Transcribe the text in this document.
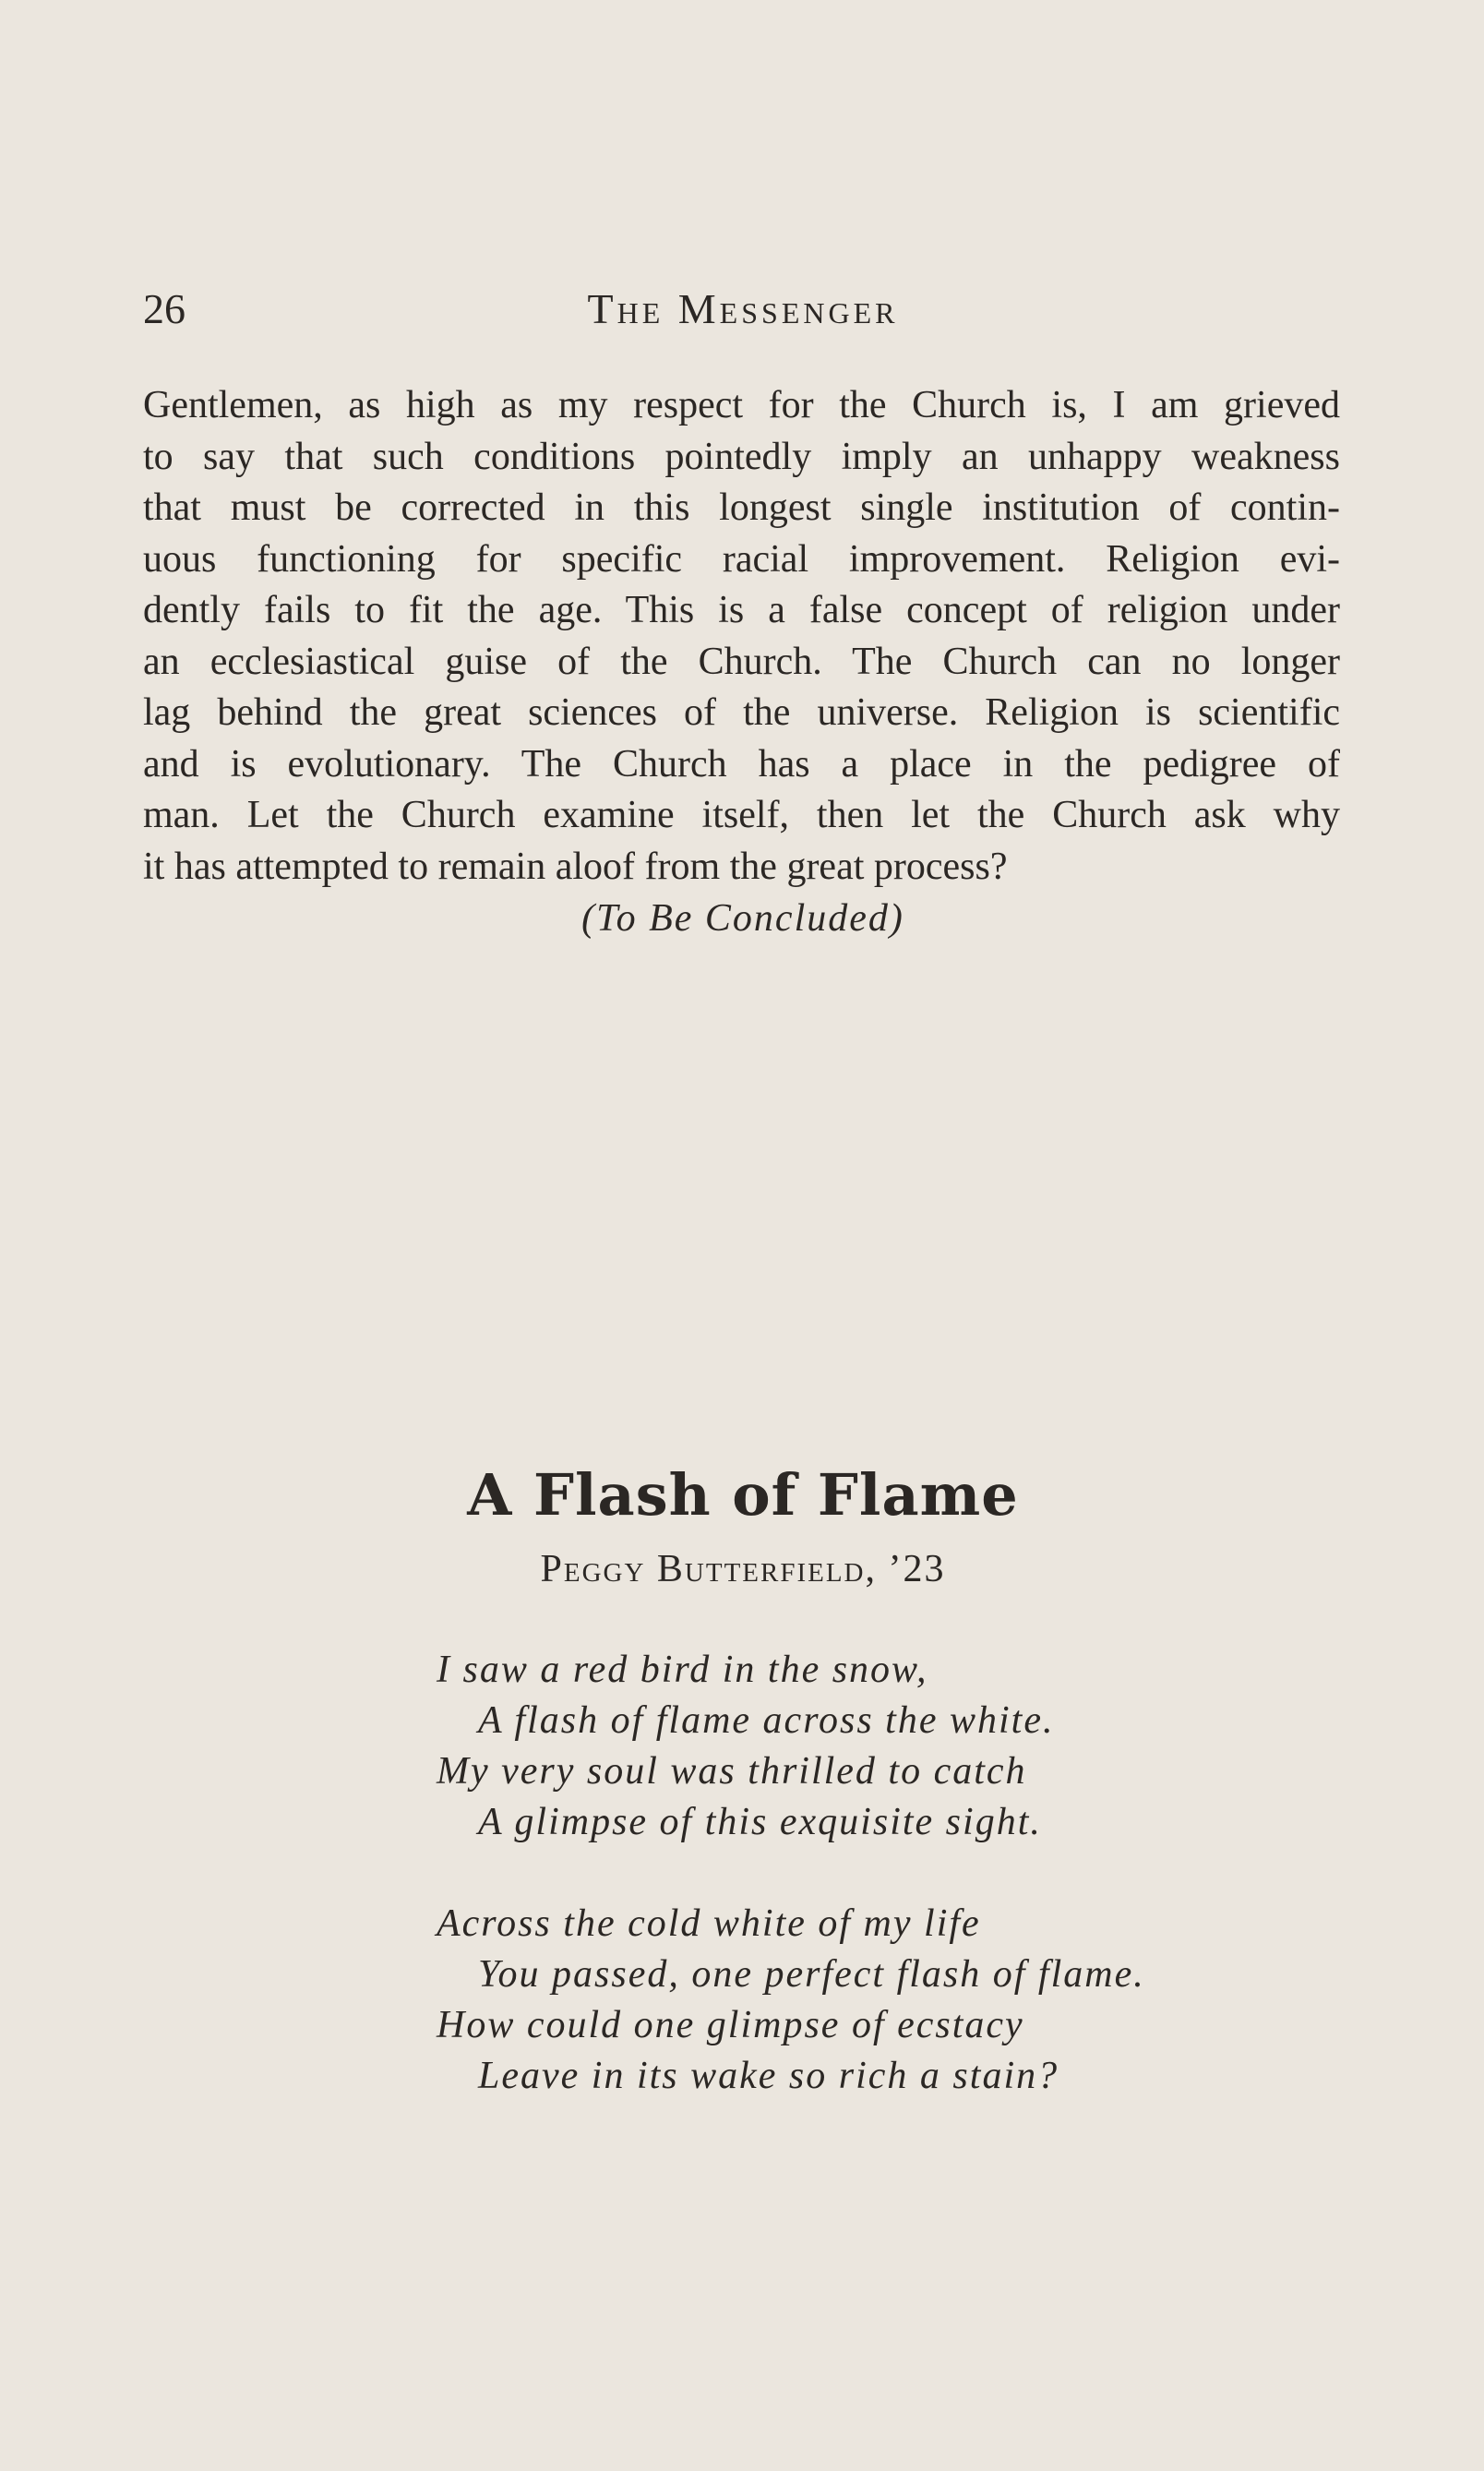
26	The Messenger
Gentlemen, as high as my respect for the Church is, I am grieved
to say that such conditions pointedly imply an unhappy weakness
that must be corrected in this longest single institution of contin-
uous functioning for specific racial improvement. Religion evi-
dently fails to fit the age. This is a false concept of religion under
an ecclesiastical guise of the Church. The Church can no longer
lag behind the great sciences of the universe. Religion is scientific
and is evolutionary. The Church has a place in the pedigree of
man. Let the Church examine itself, then let the Church ask why
it has attempted to remain aloof from the great process?
(To Be Concluded)
A Flash of Flame
Peggy Butterfield, ’23
I saw a red bird in the snow,
A flash of flame across the white.
My very soul was thrilled to catch
A glimpse of this exquisite sight.
Across the cold white of my life
You passed, one perfect flash of flame.
How could one glimpse of ecstacy
Leave in its wake so rich a stain?
